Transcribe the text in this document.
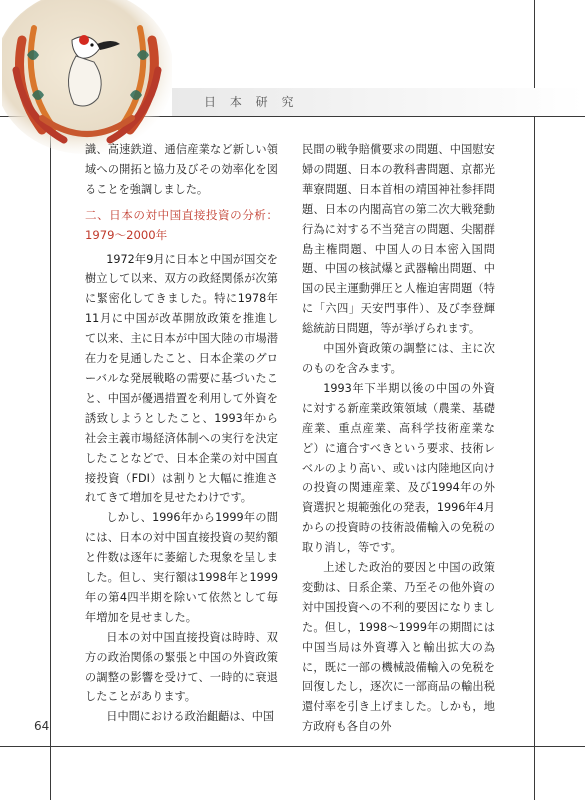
日 本 研 究

識、高速鉄道、通信産業など新しい領域への開拓と協力及びその効率化を図ることを強調しました。

二、日本の対中国直接投資の分析：1979～2000年

1972年9月に日本と中国が国交を樹立して以来、双方の政経関係が次第に緊密化してきました。特に1978年11月に中国が改革開放政策を推進して以来、主に日本が中国大陸の市場潜在力を見通したこと、日本企業のグローバルな発展戦略の需要に基づいたこと、中国が優遇措置を利用して外資を誘致しようとしたこと、1993年から社会主義市場経済体制への実行を決定したことなどで、日本企業の対中国直接投資（FDI）は割りと大幅に推進されてきて増加を見せたわけです。

しかし、1996年から1999年の間には、日本の対中国直接投資の契約額と件数は逐年に萎縮した現象を呈しました。但し、実行額は1998年と1999年の第4四半期を除いて依然として毎年増加を見せました。

日本の対中国直接投資は時時、双方の政治関係の緊張と中国の外資政策の調整の影響を受けて、一時的に衰退したことがあります。

日中間における政治齟齬は、中国

民間の戦争賠償要求の問題、中国慰安婦の問題、日本の教科書問題、京都光華寮問題、日本首相の靖国神社参拝問題、日本の内閣高官の第二次大戦発動行為に対する不当発言の問題、尖閣群島主権問題、中国人の日本密入国問題、中国の核試爆と武器輸出問題、中国の民主運動弾圧と人権迫害問題（特に「六四」天安門事件）、及び李登輝総統訪日問題，等が挙げられます。

中国外資政策の調整には、主に次のものを含みます。

1993年下半期以後の中国の外資に対する新産業政策領域（農業、基礎産業、重点産業、高科学技術産業など）に適合すべきという要求、技術レベルのより高い、或いは内陸地区向けの投資の関連産業、及び1994年の外資選択と規範強化の発表，1996年4月からの投資時の技術設備輸入の免税の取り消し，等です。

上述した政治的要因と中国の政策変動は、日系企業、乃至その他外資の対中国投資への不利的要因になりました。但し，1998～1999年の期間には中国当局は外資導入と輸出拡大の為に，既に一部の機械設備輸入の免税を回復したし，逐次に一部商品の輸出税還付率を引き上げました。しかも，地方政府も各自の外

64
